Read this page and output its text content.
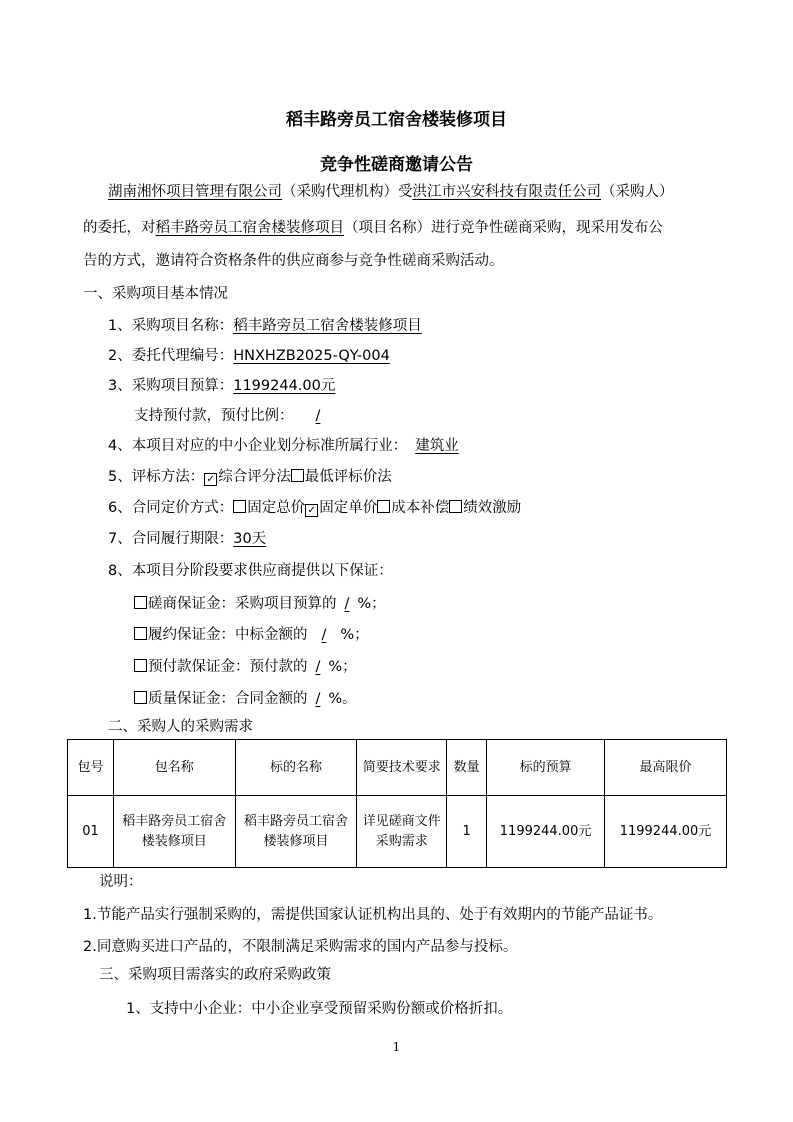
稻丰路旁员工宿舍楼装修项目
竞争性磋商邀请公告
湖南湘怀项目管理有限公司（采购代理机构）受洪江市兴安科技有限责任公司（采购人）
的委托，对稻丰路旁员工宿舍楼装修项目（项目名称）进行竞争性磋商采购，现采用发布公
告的方式，邀请符合资格条件的供应商参与竞争性磋商采购活动。
一、采购项目基本情况
1、采购项目名称：稻丰路旁员工宿舍楼装修项目
2、委托代理编号：HNXHZB2025-QY-004
3、采购项目预算：1199244.00元
支持预付款，预付比例： /
4、本项目对应的中小企业划分标准所属行业： 建筑业
5、评标方法： ✓ 综合评分法 最低评标价法
6、合同定价方式： 固定总价 ✓ 固定单价 成本补偿 绩效激励
7、合同履行期限：30天
8、本项目分阶段要求供应商提供以下保证：
磋商保证金：采购项目预算的 / %；
履约保证金：中标金额的 / %；
预付款保证金：预付款的 / %；
质量保证金：合同金额的 / %。
二、采购人的采购需求
包号	包名称	标的名称	简要技术要求	数量	标的预算	最高限价
01	稻丰路旁员工宿舍楼装修项目	稻丰路旁员工宿舍楼装修项目	详见磋商文件采购需求	1	1199244.00元	1199244.00元
说明：
1.节能产品实行强制采购的，需提供国家认证机构出具的、处于有效期内的节能产品证书。
2.同意购买进口产品的，不限制满足采购需求的国内产品参与投标。
三、采购项目需落实的政府采购政策
1、支持中小企业：中小企业享受预留采购份额或价格折扣。
1
